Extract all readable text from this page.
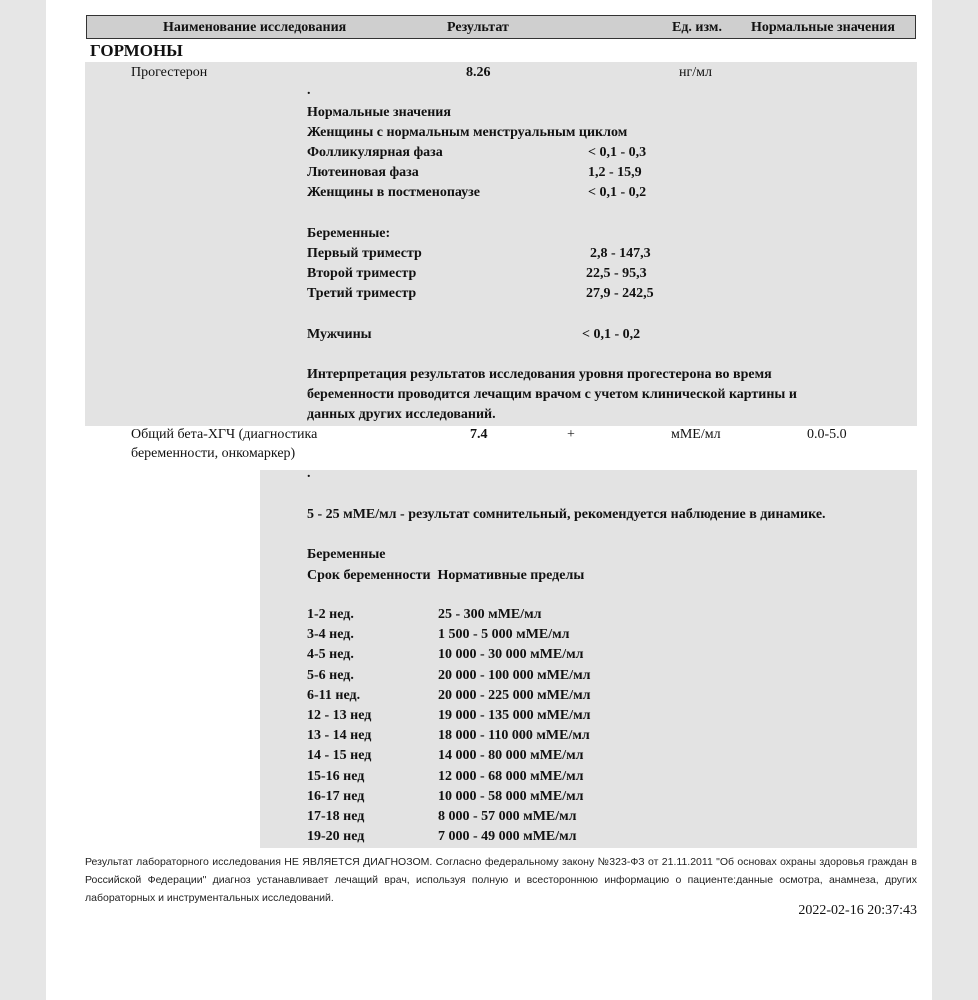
Наименование исследования	Результат	Ед. изм. Нормальные значения
ГОРМОНЫ
Прогестерон	8.26	нг/мл
.
Нормальные значения
Женщины с нормальным менструальным циклом
Фолликулярная фаза	< 0,1 - 0,3
Лютеиновая фаза	1,2 - 15,9
Женщины в постменопаузе	< 0,1 - 0,2
Беременные:
Первый триместр	2,8 - 147,3
Второй триместр	22,5 - 95,3
Третий триместр	27,9 - 242,5
Мужчины	< 0,1 - 0,2
Интерпретация результатов исследования уровня прогестерона во время
беременности проводится лечащим врачом с учетом клинической картины и
данных других исследований.
Общий бета-ХГЧ (диагностика
беременности, онкомаркер)
7.4	+	мМЕ/мл	0.0-5.0
.
5 - 25 мМЕ/мл - результат сомнительный, рекомендуется наблюдение в динамике.
Беременные
Срок беременности  Нормативные пределы
Результат лабораторного исследования НЕ ЯВЛЯЕТСЯ ДИАГНОЗОМ. Согласно федеральному закону №323-ФЗ от 21.11.2011 "Об основах охраны здоровья граждан в Российской Федерации" диагноз устанавливает лечащий врач, используя полную и всестороннюю информацию о пациенте:данные осмотра, анамнеза, других лабораторных и инструментальных исследований.
2022-02-16 20:37:43
1-2 нед.	25 - 300 мМЕ/мл
3-4 нед.	1 500 - 5 000 мМЕ/мл
4-5 нед.	10 000 - 30 000 мМЕ/мл
5-6 нед.	20 000 - 100 000 мМЕ/мл
6-11 нед.	20 000 - 225 000 мМЕ/мл
12 - 13 нед	19 000 - 135 000 мМЕ/мл
13 - 14 нед	18 000 - 110 000 мМЕ/мл
14 - 15 нед	14 000 - 80 000 мМЕ/мл
15-16 нед	12 000 - 68 000 мМЕ/мл
16-17 нед	10 000 - 58 000 мМЕ/мл
17-18 нед	8 000 - 57 000 мМЕ/мл
19-20 нед	7 000 - 49 000 мМЕ/мл
